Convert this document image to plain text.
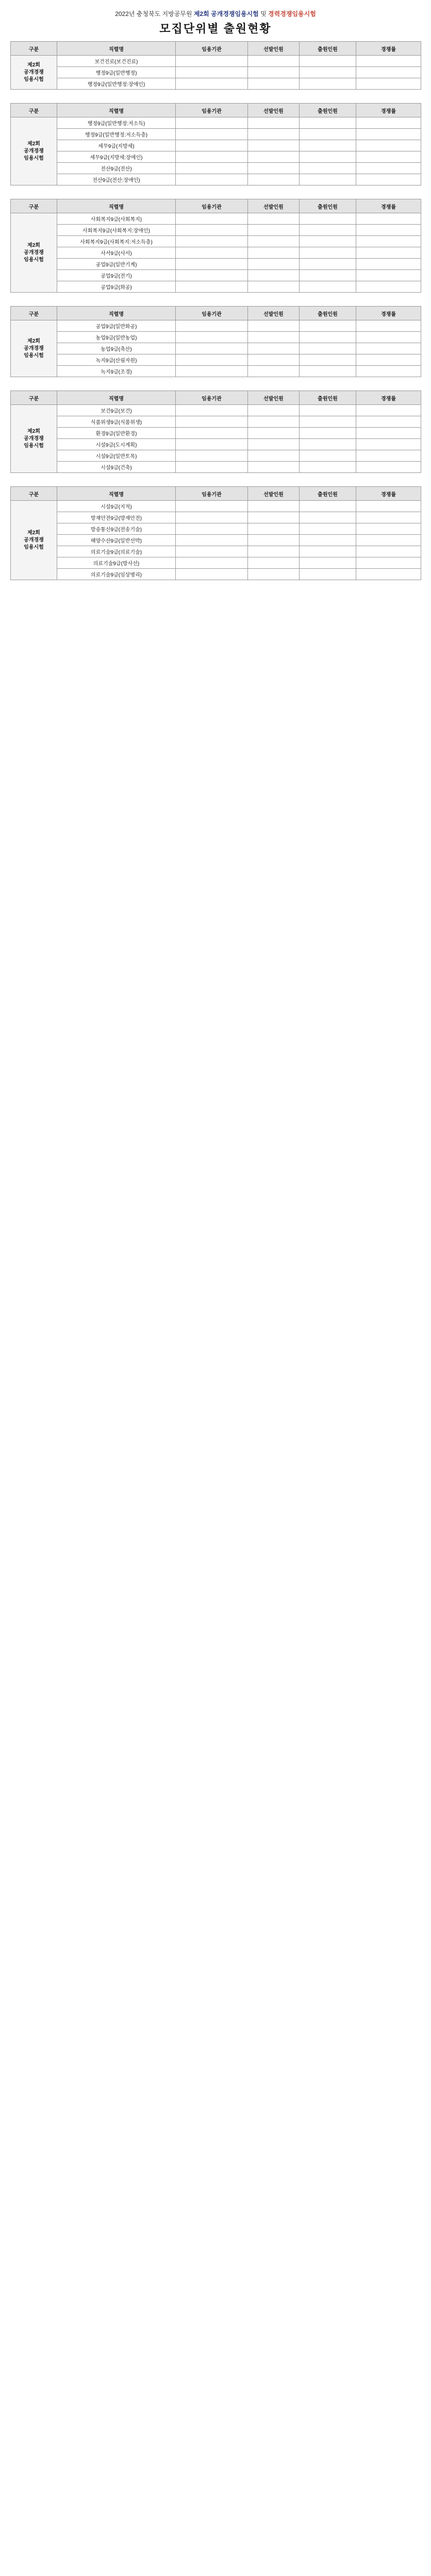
2022년 충청북도 지방공무원 제2회 공개경쟁임용시험 및 경력경쟁임용시험
모집단위별 출원현황
구분	직렬명	임용기관	선발인원	출원인원	경쟁률
제2회
공개경쟁
임용시험	보건진료(보건진료)				
	행정9급(일반행정)				
	행정9급(일반행정:장애인)				
구분	직렬명	임용기관	선발인원	출원인원	경쟁률
제2회
공개경쟁
임용시험	행정9급(일반행정:저소득)				
	행정9급(일반행정:저소득층)				
	세무9급(지방세)				
	세무9급(지방세:장애인)				
	전산9급(전산)				
	전산9급(전산:장애인)				
구분	직렬명	임용기관	선발인원	출원인원	경쟁률
제2회
공개경쟁
임용시험	사회복지9급(사회복지)				
	사회복지9급(사회복지:장애인)				
	사회복지9급(사회복지:저소득층)				
	사서9급(사서)				
	공업9급(일반기계)				
	공업9급(전기)				
	공업9급(화공)				
구분	직렬명	임용기관	선발인원	출원인원	경쟁률
제2회
공개경쟁
임용시험	공업9급(일반화공)				
	농업9급(일반농업)				
	농업9급(축산)				
	녹지9급(산림자원)				
	녹지9급(조경)				
구분	직렬명	임용기관	선발인원	출원인원	경쟁률
제2회
공개경쟁
임용시험	보건9급(보건)				
	식품위생9급(식품위생)				
	환경9급(일반환경)				
	시설9급(도시계획)				
	시설9급(일반토목)				
	시설9급(건축)				
구분	직렬명	임용기관	선발인원	출원인원	경쟁률
제2회
공개경쟁
임용시험	시설9급(지적)				
	방재안전9급(방재안전)				
	방송통신9급(전송기술)				
	해양수산9급(일반선박)				
	의료기술9급(의료기술)				
	의료기술9급(방사선)				
	의료기술9급(임상병리)				
